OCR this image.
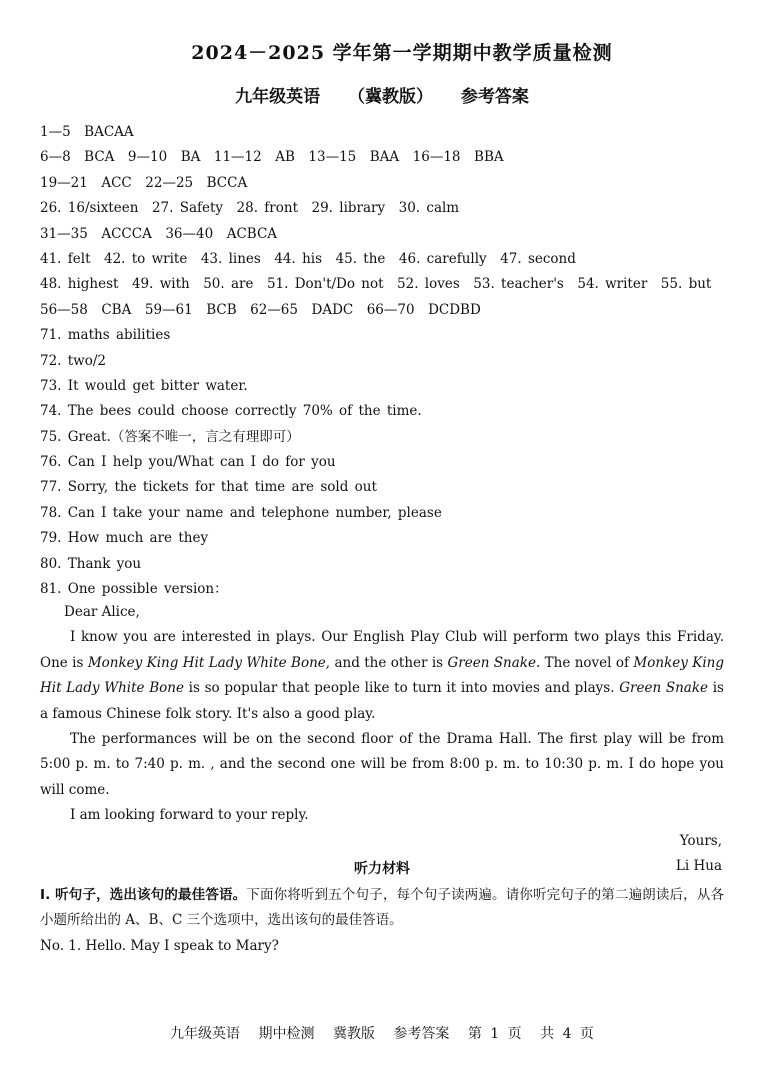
2024－2025 学年第一学期期中教学质量检测
九年级英语 （冀教版） 参考答案
1—5　BACAA
6—8　BCA　9—10　BA　11—12　AB　13—15　BAA　16—18　BBA
19—21　ACC　22—25　BCCA
26. 16/sixteen　27. Safety　28. front　29. library　30. calm
31—35　ACCCA　36—40　ACBCA
41. felt　42. to write　43. lines　44. his　45. the　46. carefully　47. second
48. highest　49. with　50. are　51. Don't/Do not　52. loves　53. teacher's　54. writer　55. but
56—58　CBA　59—61　BCB　62—65　DADC　66—70　DCDBD
71. maths abilities
72. two/2
73. It would get bitter water.
74. The bees could choose correctly 70% of the time.
75. Great.（答案不唯一，言之有理即可）
76. Can I help you/What can I do for you
77. Sorry, the tickets for that time are sold out
78. Can I take your name and telephone number, please
79. How much are they
80. Thank you
81. One possible version：
Dear Alice,
I know you are interested in plays. Our English Play Club will perform two plays this Friday. One is Monkey King Hit Lady White Bone, and the other is Green Snake. The novel of Monkey King Hit Lady White Bone is so popular that people like to turn it into movies and plays. Green Snake is a famous Chinese folk story. It's also a good play.
The performances will be on the second floor of the Drama Hall. The first play will be from 5:00 p. m. to 7:40 p. m. , and the second one will be from 8:00 p. m. to 10:30 p. m. I do hope you will come.
I am looking forward to your reply.
Yours,
Li Hua
听力材料
Ⅰ. 听句子，选出该句的最佳答语。下面你将听到五个句子，每个句子读两遍。请你听完句子的第二遍朗读后，从各小题所给出的 A、B、C 三个选项中，选出该句的最佳答语。
No. 1. Hello. May I speak to Mary?
九年级英语 期中检测 冀教版 参考答案 第 1 页 共 4 页
